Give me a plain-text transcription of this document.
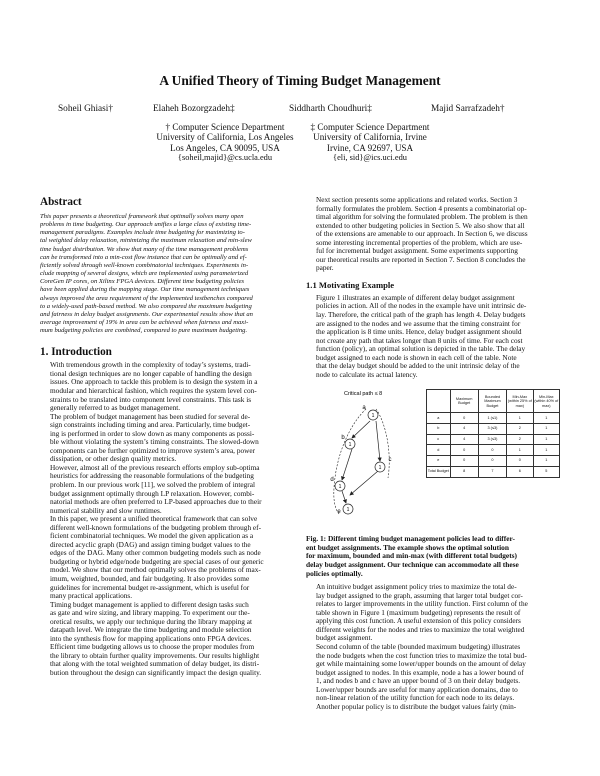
A Unified Theory of Timing Budget Management
Soheil Ghiasi†	Elaheh Bozorgzadeh‡	Siddharth Choudhuri‡	Majid Sarrafzadeh†
† Computer Science Department
University of California, Los Angeles
Los Angeles, CA 90095, USA
{soheil,majid}@cs.ucla.edu
‡ Computer Science Department
University of California, Irvine
Irvine, CA 92697, USA
{eli, sid}@ics.uci.edu
Abstract

This paper presents a theoretical framework that optimally solves many open
problems in time budgeting. Our approach unifies a large class of existing time-
management paradigms. Examples include time budgeting for maximizing to-
tal weighted delay relaxation, minimizing the maximum relaxation and min-slew
time budget distribution. We show that many of the time management problems
can be transformed into a min-cost flow instance that can be optimally and ef-
ficiently solved through well-known combinatorial techniques. Experiments in-
clude mapping of several designs, which are implemented using parameterized
CoreGen IP cores, on Xilinx FPGA devices. Different time budgeting policies
have been applied during the mapping stage. Our time management techniques
always improved the area requirement of the implemented testbenches compared
to a widely-used path-based method. We also compared the maximum budgeting
and fairness in delay budget assignments. Our experimental results show that an
average improvement of 19% in area can be achieved when fairness and maxi-
mum budgeting policies are combined, compared to pure maximum budgeting.

1. Introduction

With tremendous growth in the complexity of today’s systems, tradi-
tional design techniques are no longer capable of handling the design
issues. One approach to tackle this problem is to design the system in a
modular and hierarchical fashion, which requires the system level con-
straints to be translated into component level constraints. This task is
generally referred to as budget management.

The problem of budget management has been studied for several de-
sign constraints including timing and area. Particularly, time budget-
ing is performed in order to slow down as many components as possi-
ble without violating the system’s timing constraints. The slowed-down
components can be further optimized to improve system’s area, power
dissipation, or other design quality metrics.

However, almost all of the previous research efforts employ sub-optima
heuristics for addressing the reasonable formulations of the budgeting
problem. In our previous work [11], we solved the problem of integral
budget assignment optimally through LP relaxation. However, combi-
natorial methods are often preferred to LP-based approaches due to their
numerical stability and slow runtimes.

In this paper, we present a unified theoretical framework that can solve
different well-known formulations of the budgeting problem through ef-
ficient combinatorial techniques. We model the given application as a
directed acyclic graph (DAG) and assign timing budget values to the
edges of the DAG. Many other common budgeting models such as node
budgeting or hybrid edge/node budgeting are special cases of our generic
model. We show that our method optimally solves the problems of max-
imum, weighted, bounded, and fair budgeting. It also provides some
guidelines for incremental budget re-assignment, which is useful for
many practical applications.

Timing budget management is applied to different design tasks such
as gate and wire sizing, and library mapping. To experiment our the-
oretical results, we apply our technique during the library mapping at
datapath level. We integrate the time budgeting and module selection
into the synthesis flow for mapping applications onto FPGA devices.
Efficient time budgeting allows us to choose the proper modules from
the library to obtain further quality improvements. Our results highlight
that along with the total weighted summation of delay budget, its distri-
bution throughout the design can significantly impact the design quality.

Next section presents some applications and related works. Section 3
formally formulates the problem. Section 4 presents a combinatorial op-
timal algorithm for solving the formulated problem. The problem is then
extended to other budgeting policies in Section 5. We also show that all
of the extensions are amenable to our approach. In Section 6, we discuss
some interesting incremental properties of the problem, which are use-
ful for incremental budget assignment. Some experiments supporting
our theoretical results are reported in Section 7. Section 8 concludes the
paper.

1.1 Motivating Example

Figure 1 illustrates an example of different delay budget assignment
policies in action. All of the nodes in the example have unit intrinsic de-
lay. Therefore, the critical path of the graph has length 4. Delay budgets
are assigned to the nodes and we assume that the timing constraint for
the application is 8 time units. Hence, delay budget assignment should
not create any path that takes longer than 8 units of time. For each cost
function (policy), an optimal solution is depicted in the table. The delay
budget assigned to each node is shown in each cell of the table. Note
that the delay budget should be added to the unit intrinsic delay of the
node to calculate its actual latency.

Critical path ≤ 8
1
a
1
b
1
c
1
d
1
e
	Maximum Budget	Bounded Maximum Budget	Min-Max (within 25% of max)	Min-Max (within 40% of max)
a	0	1 (≤1)	1	1
b	4	3 (≤3)	2	1
c	4	3 (≤3)	2	1
d	0	0	1	1
e	0	0	0	1
Total Budget	8	7	6	5

Fig. 1: Different timing budget management policies lead to differ-
ent budget assignments. The example shows the optimal solution
for maximum, bounded and min-max (with different total budgets)
delay budget assignment. Our technique can accommodate all these
policies optimally.

An intuitive budget assignment policy tries to maximize the total de-
lay budget assigned to the graph, assuming that larger total budget cor-
relates to larger improvements in the utility function. First column of the
table shown in Figure 1 (maximum budgeting) represents the result of
applying this cost function. A useful extension of this policy considers
different weights for the nodes and tries to maximize the total weighted
budget assignment.

Second column of the table (bounded maximum budgeting) illustrates
the node budgets when the cost function tries to maximize the total bud-
get while maintaining some lower/upper bounds on the amount of delay
budget assigned to nodes. In this example, node a has a lower bound of
1, and nodes b and c have an upper bound of 3 on their delay budgets.
Lower/upper bounds are useful for many application domains, due to
non-linear relation of the utility function for each node to its delays.

Another popular policy is to distribute the budget values fairly (min-
